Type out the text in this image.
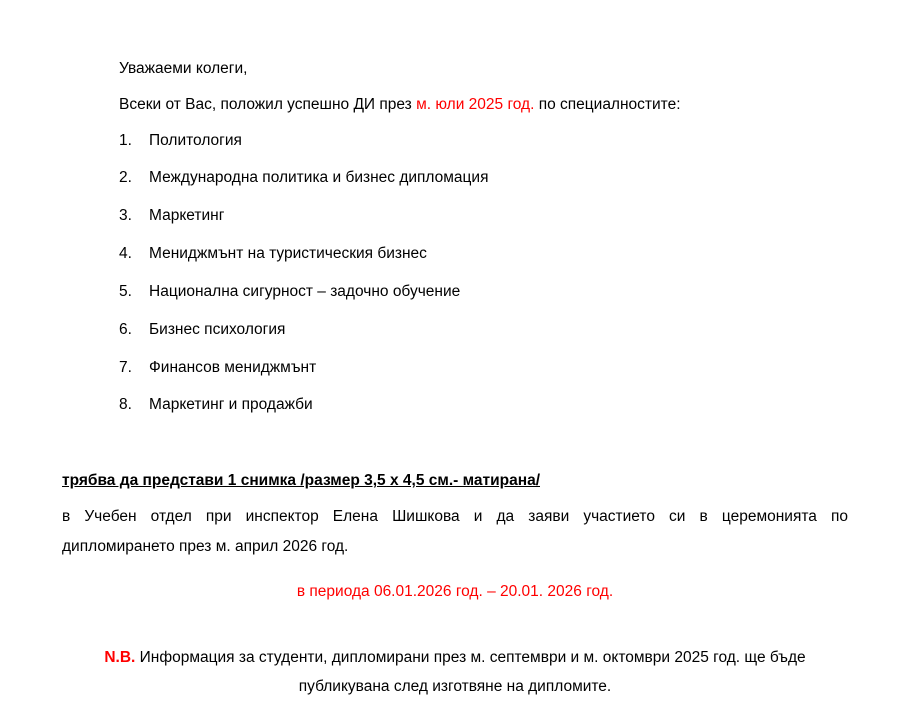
Уважаеми колеги,

Всеки от Вас, положил успешно ДИ през м. юли 2025 год. по специалностите:

1.	Политология
2.	Международна политика и бизнес дипломация
3.	Маркетинг
4.	Мениджмънт на туристическия бизнес
5.	Национална сигурност – задочно обучение
6.	Бизнес психология
7.	Финансов мениджмънт
8.	Маркетинг и продажби
трябва да представи 1 снимка /размер 3,5 х 4,5 см.- матирана/

в Учебен отдел при инспектор Елена Шишкова и да заяви участието си в церемонията по
дипломирането през м. април 2026 год.

в периода 06.01.2026 год. – 20.01. 2026 год.

N.B. Информация за студенти, дипломирани през м. септември и м. октомври 2025 год. ще бъде
публикувана след изготвяне на дипломите.
